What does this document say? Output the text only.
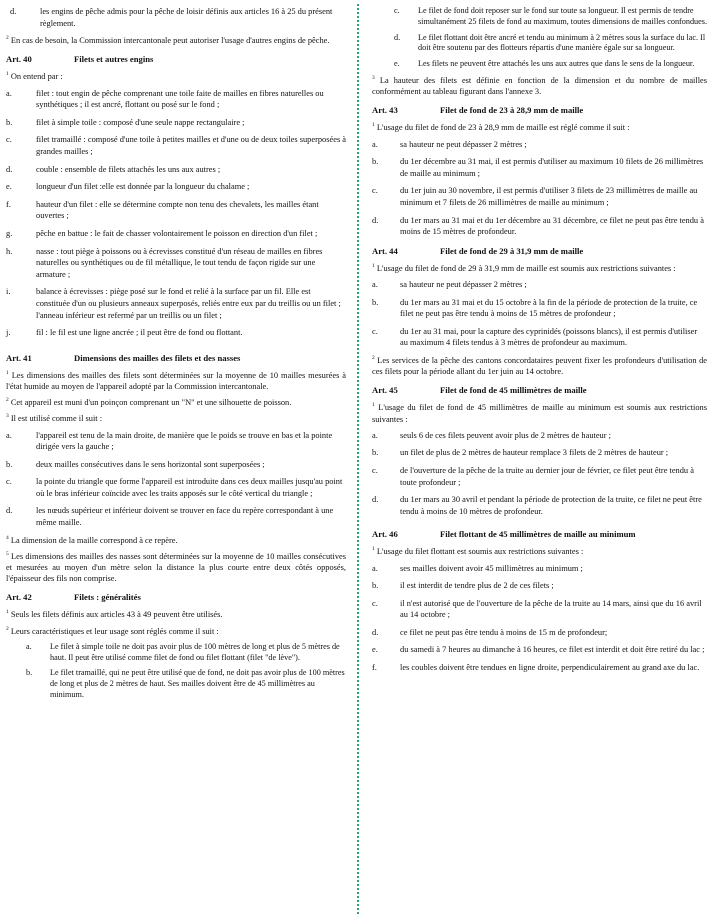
d.	les engins de pêche admis pour la pêche de loisir définis aux articles 16 à 25 du présent règlement.

$^2$ En cas de besoin, la Commission intercantonale peut autoriser l'usage d'autres engins de pêche.

Art. 40	Filets et autres engins

$^1$ On entend par :

a.	filet : tout engin de pêche comprenant une toile faite de mailles en fibres naturelles ou synthétiques ; il est ancré, flottant ou posé sur le fond ;
b.	filet à simple toile : composé d'une seule nappe rectangulaire ;
c.	filet tramaillé : composé d'une toile à petites mailles et d'une ou de deux toiles superposées à grandes mailles ;
d.	couble : ensemble de filets attachés les uns aux autres ;
e.	longueur d'un filet :elle est donnée par la longueur du chalame ;
f.	hauteur d'un filet : elle se détermine compte non tenu des chevalets, les mailles étant ouvertes ;
g.	pêche en battue : le fait de chasser volontairement le poisson en direction d'un filet ;
h.	nasse : tout piège à poissons ou à écrevisses constitué d'un réseau de mailles en fibres naturelles ou synthétiques ou de fil métallique, le tout tendu de façon rigide sur une armature ;
i.	balance à écrevisses : piège posé sur le fond et relié à la surface par un fil. Elle est constituée d'un ou plusieurs anneaux superposés, reliés entre eux par du treillis ou un filet ; l'anneau inférieur est refermé par un treillis ou un filet ;
j.	fil : le fil est une ligne ancrée ; il peut être de fond ou flottant.
Art. 41	Dimensions des mailles des filets et des nasses

$^1$ Les dimensions des mailles des filets sont déterminées sur la moyenne de 10 mailles mesurées à l'état humide au moyen de l'appareil adopté par la Commission intercantonale.

$^2$ Cet appareil est muni d'un poinçon comprenant un "N" et une silhouette de poisson.

$^3$ Il est utilisé comme il suit :

a.	l'appareil est tenu de la main droite, de manière que le poids se trouve en bas et la pointe dirigée vers la gauche ;
b.	deux mailles consécutives dans le sens horizontal sont superposées ;
c.	la pointe du triangle que forme l'appareil est introduite dans ces deux mailles jusqu'au point où le bras inférieur coïncide avec les traits apposés sur le côté vertical du triangle ;
d.	les nœuds supérieur et inférieur doivent se trouver en face du repère correspondant à une même maille.

$^4$ La dimension de la maille correspond à ce repère.

$^5$ Les dimensions des mailles des nasses sont déterminées sur la moyenne de 10 mailles consécutives et mesurées au moyen d'un mètre selon la distance la plus courte entre deux côtés opposés, l'épaisseur des fils non comprise.

Art. 42	Filets : généralités

$^1$ Seuls les filets définis aux articles 43 à 49 peuvent être utilisés.

$^2$ Leurs caractéristiques et leur usage sont réglés comme il suit :

a.	Le filet à simple toile ne doit pas avoir plus de 100 mètres de long et plus de 5 mètres de haut. Il peut être utilisé comme filet de fond ou filet flottant (filet "de lève").
b.	Le filet tramaillé, qui ne peut être utilisé que de fond, ne doit pas avoir plus de 100 mètres de long et plus de 2 mètres de haut. Ses mailles doivent être de 45 millimètres au minimum.
c.	Le filet de fond doit reposer sur le fond sur toute sa longueur. Il est permis de tendre simultanément 25 filets de fond au maximum, toutes dimensions de mailles confondues.
d.	Le filet flottant doit être ancré et tendu au minimum à 2 mètres sous la surface du lac. Il doit être soutenu par des flotteurs répartis d'une manière égale sur sa longueur.
e.	Les filets ne peuvent être attachés les uns aux autres que dans le sens de la longueur.

$^3$ La hauteur des filets est définie en fonction de la dimension et du nombre de mailles conformément au tableau figurant dans l'annexe 3.

Art. 43	Filet de fond de 23 à 28,9 mm de maille

$^1$ L'usage du filet de fond de 23 à 28,9 mm de maille est réglé comme il suit :

a.	sa hauteur ne peut dépasser 2 mètres ;
b.	du 1er décembre au 31 mai, il est permis d'utiliser au maximum 10 filets de 26 millimètres de maille au minimum ;
c.	du 1er juin au 30 novembre, il est permis d'utiliser 3 filets de 23 millimètres de maille au minimum et 7 filets de 26 millimètres de maille au minimum ;
d.	du 1er mars au 31 mai et du 1er décembre au 31 décembre, ce filet ne peut pas être tendu à moins de 15 mètres de profondeur.
Art. 44	Filet de fond de 29 à 31,9 mm de maille

$^1$ L'usage du filet de fond de 29 à 31,9 mm de maille est soumis aux restrictions suivantes :

a.	sa hauteur ne peut dépasser 2 mètres ;
b.	du 1er mars au 31 mai et du 15 octobre à la fin de la période de protection de la truite, ce filet ne peut pas être tendu à moins de 15 mètres de profondeur ;
c.	du 1er au 31 mai, pour la capture des cyprinidés (poissons blancs), il est permis d'utiliser au maximum 4 filets tendus à 3 mètres de profondeur au maximum.

$^2$ Les services de la pêche des cantons concordataires peuvent fixer les profondeurs d'utilisation de ces filets pour la période allant du 1er juin au 14 octobre.

Art. 45	Filet de fond de 45 millimètres de maille

$^1$ L'usage du filet de fond de 45 millimètres de maille au minimum est soumis aux restrictions suivantes :

a.	seuls 6 de ces filets peuvent avoir plus de 2 mètres de hauteur ;
b.	un filet de plus de 2 mètres de hauteur remplace 3 filets de 2 mètres de hauteur ;
c.	de l'ouverture de la pêche de la truite au dernier jour de février, ce filet peut être tendu à toute profondeur ;
d.	du 1er mars au 30 avril et pendant la période de protection de la truite, ce filet ne peut être tendu à moins de 10 mètres de profondeur.
Art. 46	Filet flottant de 45 millimètres de maille au minimum

$^1$ L'usage du filet flottant est soumis aux restrictions suivantes :

a.	ses mailles doivent avoir 45 millimètres au minimum ;
b.	il est interdit de tendre plus de 2 de ces filets ;
c.	il n'est autorisé que de l'ouverture de la pêche de la truite au 14 mars, ainsi que du 16 avril au 14 octobre ;
d.	ce filet ne peut pas être tendu à moins de 15 m de profondeur;
e.	du samedi à 7 heures au dimanche à 16 heures, ce filet est interdit et doit être retiré du lac ;
f.	les coubles doivent être tendues en ligne droite, perpendiculairement au grand axe du lac.
